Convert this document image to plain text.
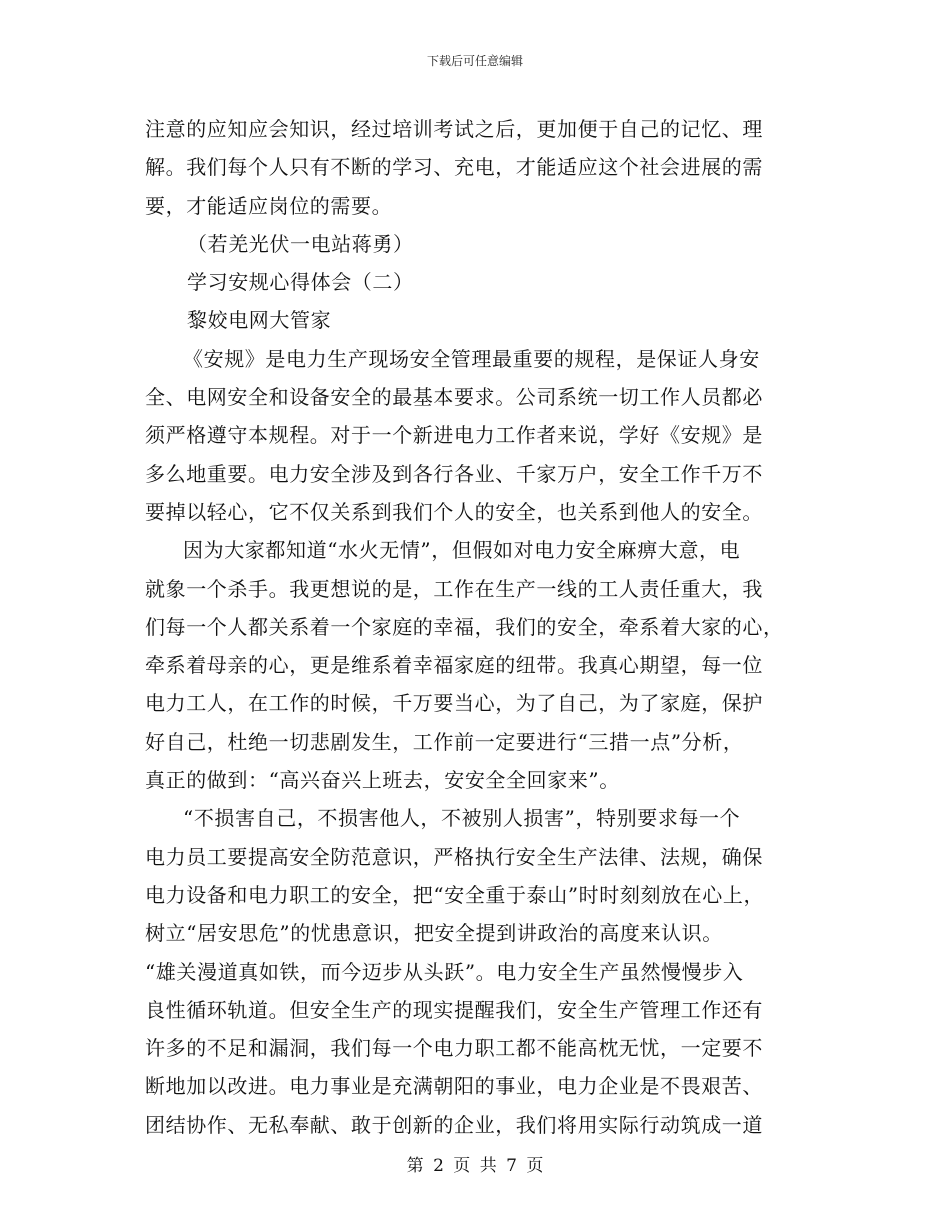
下载后可任意编辑

注意的应知应会知识，经过培训考试之后，更加便于自己的记忆、理

解。我们每个人只有不断的学习、充电，才能适应这个社会进展的需

要，才能适应岗位的需要。

（若羌光伏一电站蒋勇）

学习安规心得体会（二）

黎姣电网大管家

《安规》是电力生产现场安全管理最重要的规程，是保证人身安

全、电网安全和设备安全的最基本要求。公司系统一切工作人员都必

须严格遵守本规程。对于一个新进电力工作者来说，学好《安规》是

多么地重要。电力安全涉及到各行各业、千家万户，安全工作千万不

要掉以轻心，它不仅关系到我们个人的安全，也关系到他人的安全。

因为大家都知道“水火无情”，但假如对电力安全麻痹大意，电

就象一个杀手。我更想说的是，工作在生产一线的工人责任重大，我

们每一个人都关系着一个家庭的幸福，我们的安全，牵系着大家的心，

牵系着母亲的心，更是维系着幸福家庭的纽带。我真心期望，每一位

电力工人，在工作的时候，千万要当心，为了自己，为了家庭，保护

好自己，杜绝一切悲剧发生，工作前一定要进行“三措一点”分析，

真正的做到：“高兴奋兴上班去，安安全全回家来”。

“不损害自己，不损害他人，不被别人损害”，特别要求每一个

电力员工要提高安全防范意识，严格执行安全生产法律、法规，确保

电力设备和电力职工的安全，把“安全重于泰山”时时刻刻放在心上，

树立“居安思危”的忧患意识，把安全提到讲政治的高度来认识。

“雄关漫道真如铁，而今迈步从头跃”。电力安全生产虽然慢慢步入

良性循环轨道。但安全生产的现实提醒我们，安全生产管理工作还有

许多的不足和漏洞，我们每一个电力职工都不能高枕无忧，一定要不

断地加以改进。电力事业是充满朝阳的事业，电力企业是不畏艰苦、

团结协作、无私奉献、敢于创新的企业，我们将用实际行动筑成一道

第 2 页 共 7 页
